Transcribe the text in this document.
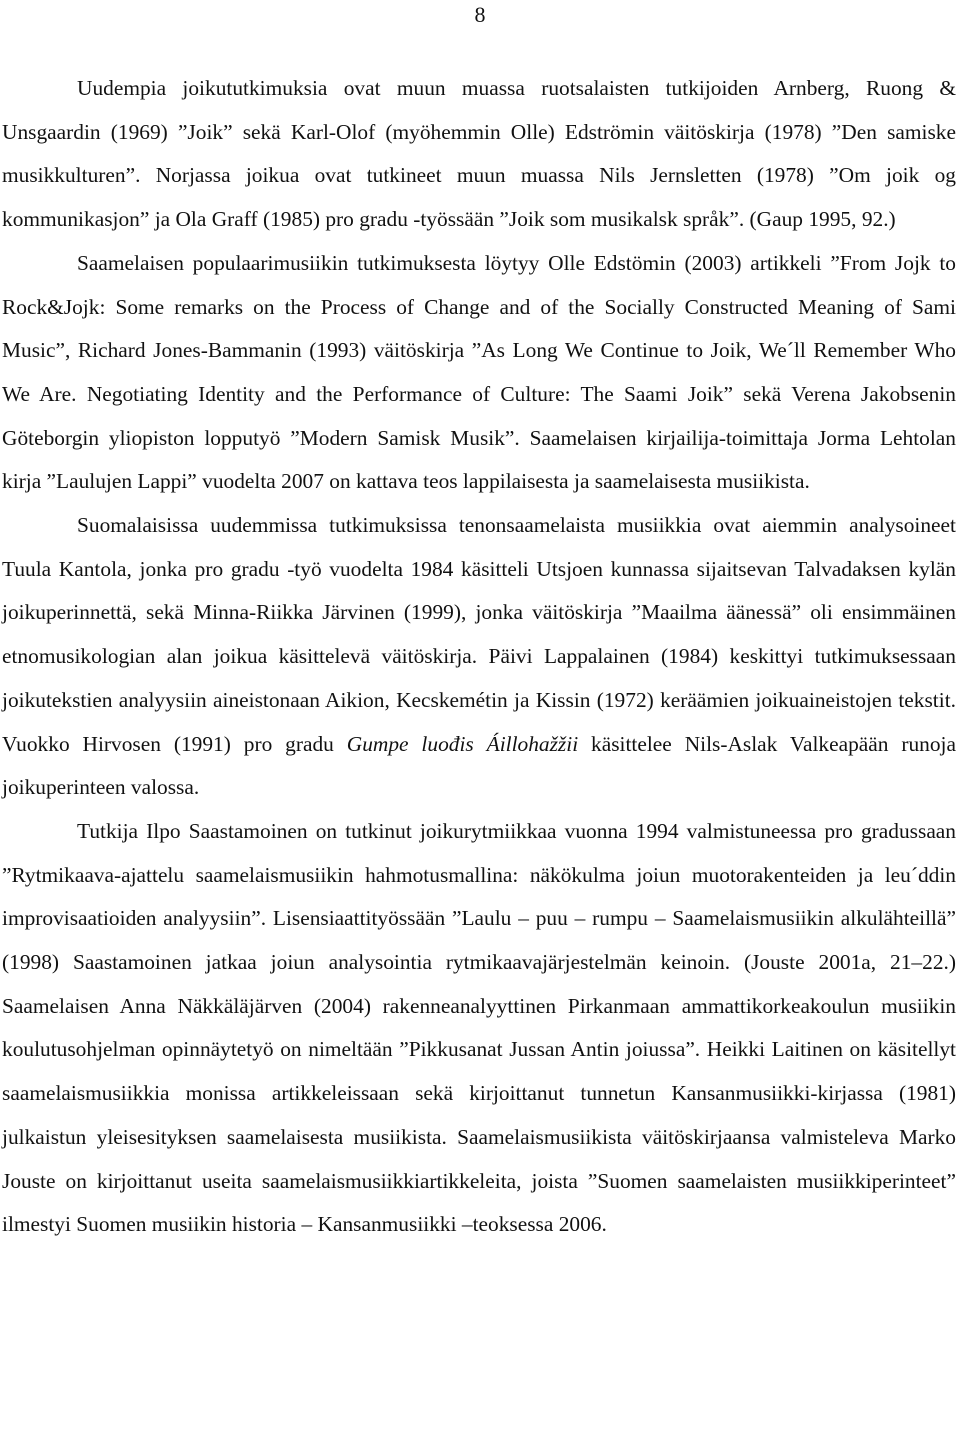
8

Uudempia joikututkimuksia ovat muun muassa ruotsalaisten tutkijoiden Arnberg, Ruong & Unsgaardin (1969) ”Joik” sekä Karl-Olof (myöhemmin Olle) Edströmin väitöskirja (1978) ”Den samiske musikkulturen”. Norjassa joikua ovat tutkineet muun muassa Nils Jernsletten (1978) ”Om joik og kommunikasjon” ja Ola Graff (1985) pro gradu -työssään ”Joik som musikalsk språk”. (Gaup 1995, 92.)

Saamelaisen populaarimusiikin tutkimuksesta löytyy Olle Edstömin (2003) artikkeli ”From Jojk to Rock&Jojk: Some remarks on the Process of Change and of the Socially Constructed Meaning of Sami Music”, Richard Jones-Bammanin (1993) väitöskirja ”As Long We Continue to Joik, We´ll Remember Who We Are. Negotiating Identity and the Performance of Culture: The Saami Joik” sekä Verena Jakobsenin Göteborgin yliopiston lopputyö ”Modern Samisk Musik”. Saamelaisen kirjailija-toimittaja Jorma Lehtolan kirja ”Laulujen Lappi” vuodelta 2007 on kattava teos lappilaisesta ja saamelaisesta musiikista.

Suomalaisissa uudemmissa tutkimuksissa tenonsaamelaista musiikkia ovat aiemmin analysoineet Tuula Kantola, jonka pro gradu -työ vuodelta 1984 käsitteli Utsjoen kunnassa sijaitsevan Talvadaksen kylän joikuperinnettä, sekä Minna-Riikka Järvinen (1999), jonka väitöskirja ”Maailma äänessä” oli ensimmäinen etnomusikologian alan joikua käsittelevä väitöskirja. Päivi Lappalainen (1984) keskittyi tutkimuksessaan joikutekstien analyysiin aineistonaan Aikion, Kecskemétin ja Kissin (1972) keräämien joikuaineistojen tekstit. Vuokko Hirvosen (1991) pro gradu Gumpe luođis Áillohažžii käsittelee Nils-Aslak Valkeapään runoja joikuperinteen valossa.

Tutkija Ilpo Saastamoinen on tutkinut joikurytmiikkaa vuonna 1994 valmistuneessa pro gradussaan ”Rytmikaava-ajattelu saamelaismusiikin hahmotusmallina: näkökulma joiun muotorakenteiden ja leu´ddin improvisaatioiden analyysiin”. Lisensiaattityössään ”Laulu – puu – rumpu – Saamelaismusiikin alkulähteillä” (1998) Saastamoinen jatkaa joiun analysointia rytmikaavajärjestelmän keinoin. (Jouste 2001a, 21–22.) Saamelaisen Anna Näkkäläjärven (2004) rakenneanalyyttinen Pirkanmaan ammattikorkeakoulun musiikin koulutusohjelman opinnäytetyö on nimeltään ”Pikkusanat Jussan Antin joiussa”. Heikki Laitinen on käsitellyt saamelaismusiikkia monissa artikkeleissaan sekä kirjoittanut tunnetun Kansanmusiikki-kirjassa (1981) julkaistun yleisesityksen saamelaisesta musiikista. Saamelaismusiikista väitöskirjaansa valmisteleva Marko Jouste on kirjoittanut useita saamelaismusiikkiartikkeleita, joista ”Suomen saamelaisten musiikkiperinteet” ilmestyi Suomen musiikin historia – Kansanmusiikki –teoksessa 2006.
